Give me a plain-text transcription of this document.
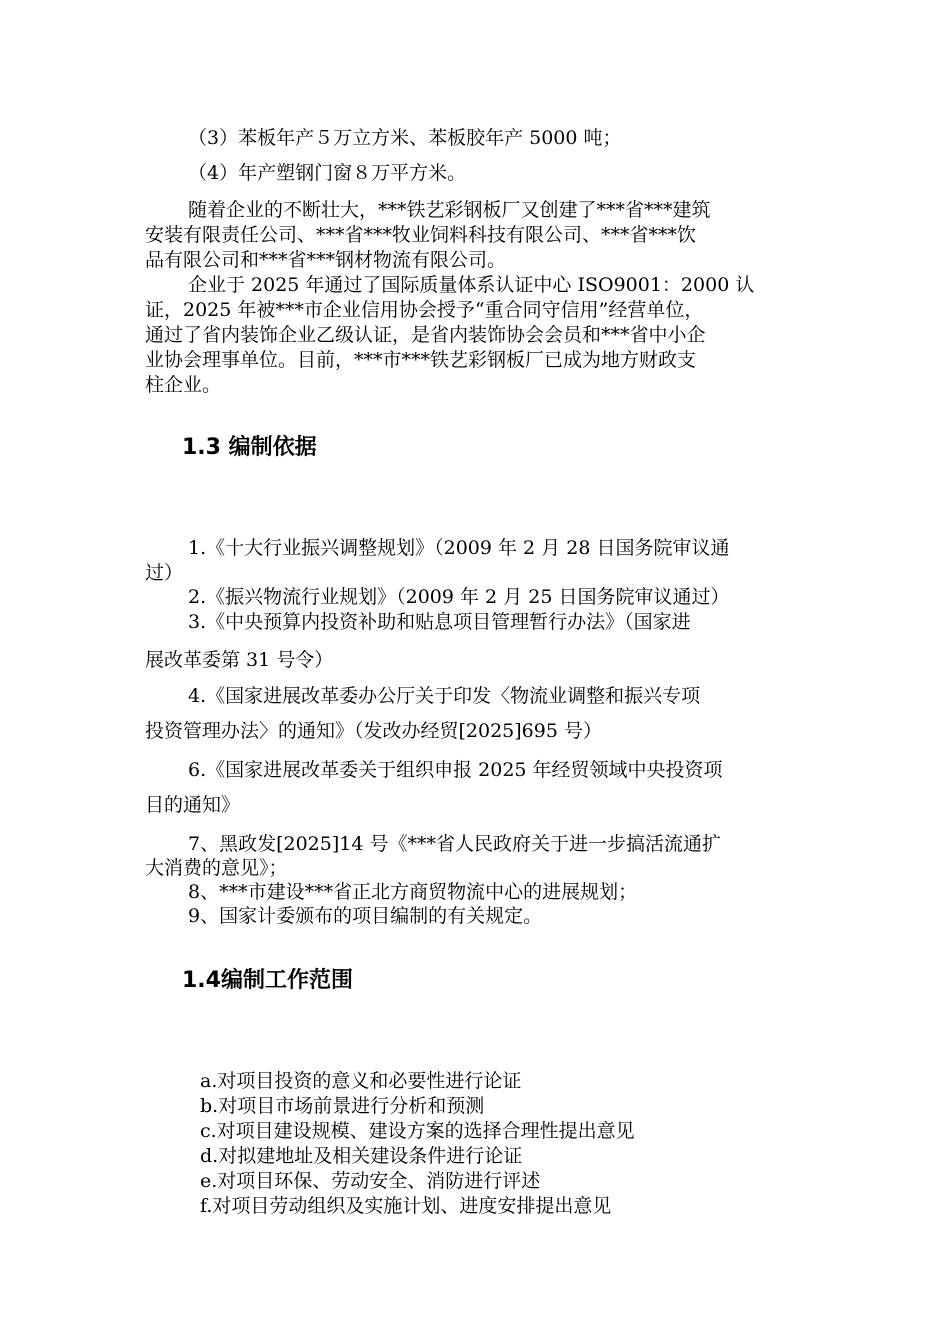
（3）苯板年产５万立方米、苯板胶年产 5000 吨；
（4）年产塑钢门窗８万平方米。
随着企业的不断壮大，***铁艺彩钢板厂又创建了***省***建筑
安装有限责任公司、***省***牧业饲料科技有限公司、***省***饮
品有限公司和***省***钢材物流有限公司。
企业于 2025 年通过了国际质量体系认证中心 ISO9001：2000 认
证，2025 年被***市企业信用协会授予“重合同守信用”经营单位，
通过了省内装饰企业乙级认证，是省内装饰协会会员和***省中小企
业协会理事单位。目前，***市***铁艺彩钢板厂已成为地方财政支
柱企业。
1.3 编制依据
1.《十大行业振兴调整规划》（2009 年 2 月 28 日国务院审议通
过）
2.《振兴物流行业规划》（2009 年 2 月 25 日国务院审议通过）
3.《中央预算内投资补助和贴息项目管理暂行办法》（国家进
展改革委第 31 号令）
4.《国家进展改革委办公厅关于印发〈物流业调整和振兴专项
投资管理办法〉的通知》（发改办经贸[2025]695 号）
6.《国家进展改革委关于组织申报 2025 年经贸领域中央投资项
目的通知》
7、黑政发[2025]14 号《***省人民政府关于进一步搞活流通扩
大消费的意见》；
8、***市建设***省正北方商贸物流中心的进展规划；
9、国家计委颁布的项目编制的有关规定。
1.4编制工作范围
a.对项目投资的意义和必要性进行论证
b.对项目市场前景进行分析和预测
c.对项目建设规模、建设方案的选择合理性提出意见
d.对拟建地址及相关建设条件进行论证
e.对项目环保、劳动安全、消防进行评述
f.对项目劳动组织及实施计划、进度安排提出意见
